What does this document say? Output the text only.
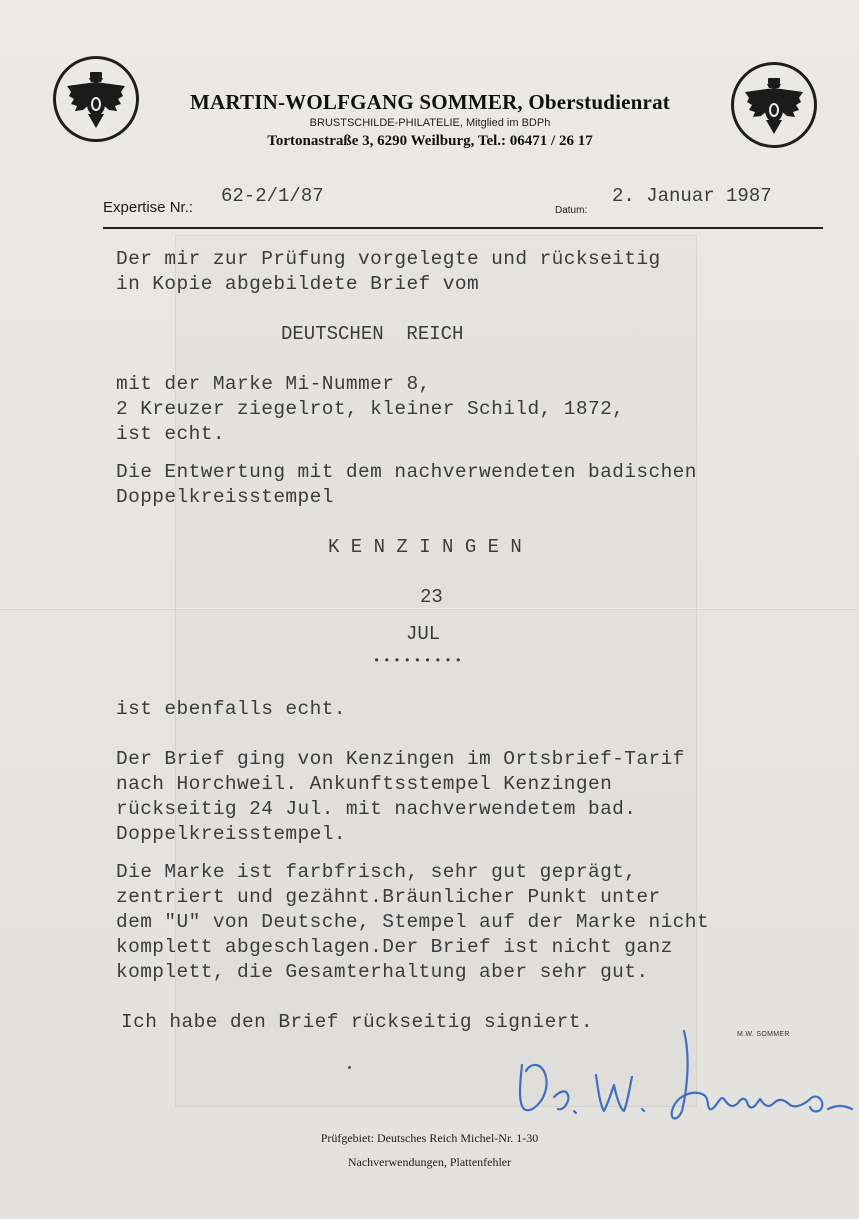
MARTIN-WOLFGANG SOMMER, Oberstudienrat
BRUSTSCHILDE-PHILATELIE, Mitglied im BDPh
Tortonastraße 3, 6290 Weilburg, Tel.: 06471 / 26 17
Expertise Nr.:
62-2/1/87
Datum:
2. Januar 1987
Der mir zur Prüfung vorgelegte und rückseitig
in Kopie abgebildete Brief vom
DEUTSCHEN  REICH
mit der Marke Mi-Nummer 8,
2 Kreuzer ziegelrot, kleiner Schild, 1872,
ist echt.
Die Entwertung mit dem nachverwendeten badischen
Doppelkreisstempel
K E N Z I N G E N
23
JUL
•••••••••
ist ebenfalls echt.
Der Brief ging von Kenzingen im Ortsbrief-Tarif
nach Horchweil. Ankunftsstempel Kenzingen
rückseitig 24 Jul. mit nachverwendetem bad.
Doppelkreisstempel.
Die Marke ist farbfrisch, sehr gut geprägt,
zentriert und gezähnt.Bräunlicher Punkt unter
dem "U" von Deutsche, Stempel auf der Marke nicht
komplett abgeschlagen.Der Brief ist nicht ganz
komplett, die Gesamterhaltung aber sehr gut.
Ich habe den Brief rückseitig signiert.
M.W. SOMMER
Prüfgebiet: Deutsches Reich Michel-Nr. 1-30
Nachverwendungen, Plattenfehler
